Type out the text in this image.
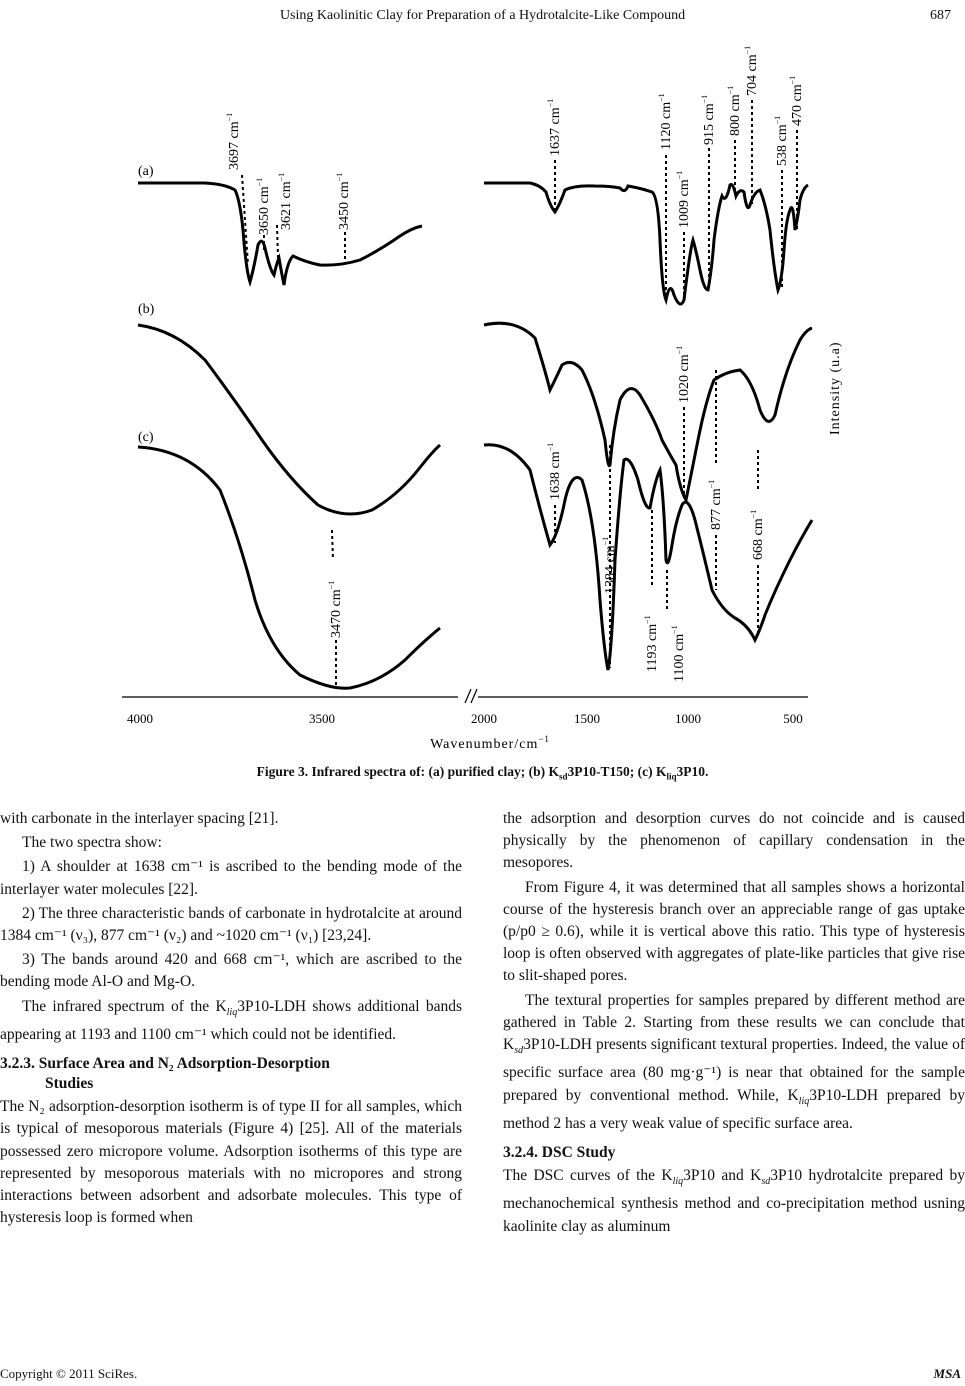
Using Kaolinitic Clay for Preparation of a Hydrotalcite-Like Compound	687
(a)
(b)
(c)
3697 $cm^{-1}$
3650 $cm^{-1}$	3621 $cm^{-1}$
3450 $cm^{-1}$
1637 $cm^{-1}$	1120 $cm^{-1}$
1009 $cm^{-1}$
915 $cm^{-1}$	800 $cm^{-1}$ 704 $cm^{-1}$
538 $cm^{-1}$ 470 $cm^{-1}$
1020 $cm^{-1}$
3470 $cm^{-1}$
1638 $cm^{-1}$
1384 $cm^{-1}$
1193 $cm^{-1}$
1100 $cm^{-1}$
877 $cm^{-1}$
668 $cm^{-1}$
Intensity (u.a)
4000	3500	2000	1500	1000	500
Wavenumber/$cm^{-1}$
Figure 3. Infrared spectra of: (a) purified clay; (b) $K_{sd}3P10-T150$; (c) $K_{liq}3P10$.

with carbonate in the interlayer spacing [21].

The two spectra show:

1) A shoulder at 1638 cm⁻¹ is ascribed to the bending mode of the interlayer water molecules [22].

2) The three characteristic bands of carbonate in hydrotalcite at around 1384 cm⁻¹ (ν₃), 877 cm⁻¹ (ν₂) and ~1020 cm⁻¹ (ν₁) [23,24].

3) The bands around 420 and 668 cm⁻¹, which are ascribed to the bending mode Al-O and Mg-O.

The infrared spectrum of the $K_{liq}3P10$-LDH shows additional bands appearing at 1193 and 1100 cm⁻¹ which could not be identified.

3.2.3. Surface Area and N₂ Adsorption-Desorption
Studies

The N₂ adsorption-desorption isotherm is of type II for all samples, which is typical of mesoporous materials (Figure 4) [25]. All of the materials possessed zero micropore volume. Adsorption isotherms of this type are represented by mesoporous materials with no micropores and strong interactions between adsorbent and adsorbate molecules. This type of hysteresis loop is formed when

the adsorption and desorption curves do not coincide and is caused physically by the phenomenon of capillary condensation in the mesopores.

From Figure 4, it was determined that all samples shows a horizontal course of the hysteresis branch over an appreciable range of gas uptake (p/p0 ≥ 0.6), while it is vertical above this ratio. This type of hysteresis loop is often observed with aggregates of plate-like particles that give rise to slit-shaped pores.

The textural properties for samples prepared by different method are gathered in Table 2. Starting from these results we can conclude that $K_{sd}3P10$-LDH presents significant textural properties. Indeed, the value of specific surface area (80 mg·g⁻¹) is near that obtained for the sample prepared by conventional method. While, $K_{liq}3P10$-LDH prepared by method 2 has a very weak value of specific surface area.

3.2.4. DSC Study

The DSC curves of the $K_{liq}3P10$ and $K_{sd}3P10$ hydrotalcite prepared by mechanochemical synthesis method and co-precipitation method usning kaolinite clay as aluminum

Copyright © 2011 SciRes.	MSA
